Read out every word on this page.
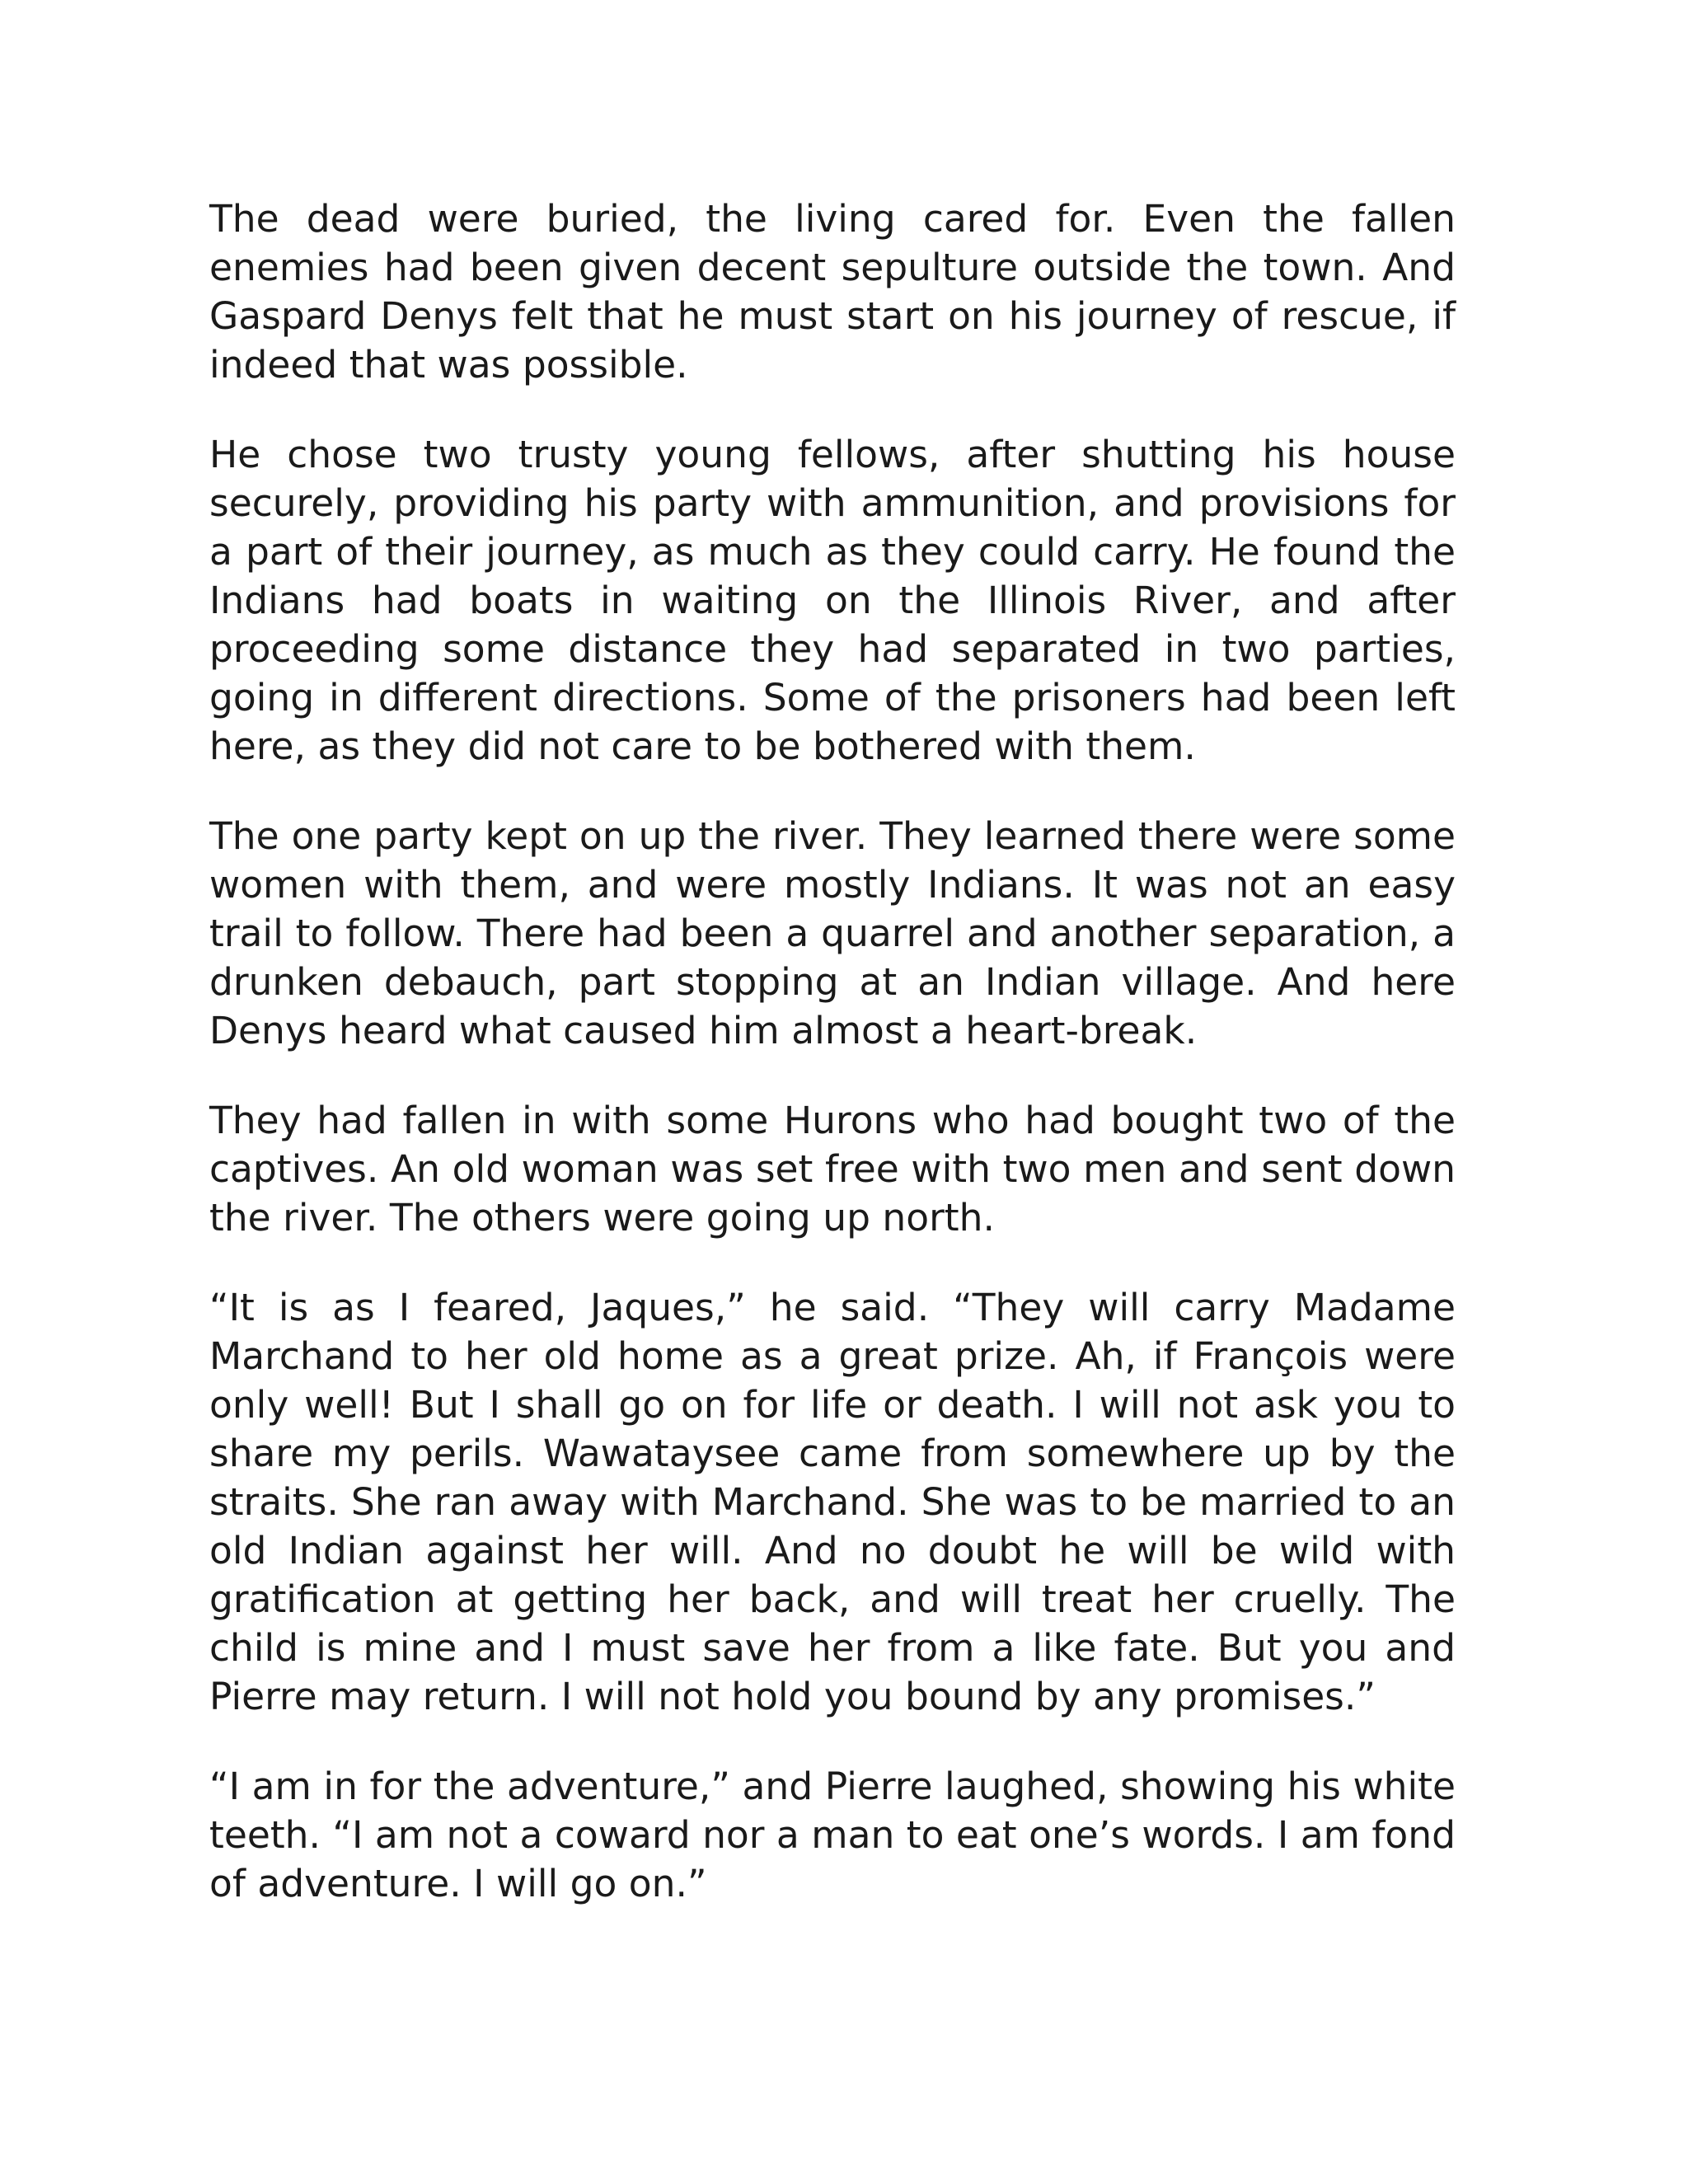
The dead were buried, the living cared for. Even the fallen enemies had been given decent sepulture outside the town. And Gaspard Denys felt that he must start on his journey of rescue, if indeed that was possible.

He chose two trusty young fellows, after shutting his house securely, providing his party with ammunition, and provisions for a part of their journey, as much as they could carry. He found the Indians had boats in waiting on the Illinois River, and after proceeding some distance they had separated in two parties, going in different directions. Some of the prisoners had been left here, as they did not care to be bothered with them.

The one party kept on up the river. They learned there were some women with them, and were mostly Indians. It was not an easy trail to follow. There had been a quarrel and another separation, a drunken debauch, part stopping at an Indian village. And here Denys heard what caused him almost a heart-break.

They had fallen in with some Hurons who had bought two of the captives. An old woman was set free with two men and sent down the river. The others were going up north.

“It is as I feared, Jaques,” he said. “They will carry Madame Marchand to her old home as a great prize. Ah, if François were only well! But I shall go on for life or death. I will not ask you to share my perils. Wawataysee came from somewhere up by the straits. She ran away with Marchand. She was to be married to an old Indian against her will. And no doubt he will be wild with gratification at getting her back, and will treat her cruelly. The child is mine and I must save her from a like fate. But you and Pierre may return. I will not hold you bound by any promises.”

“I am in for the adventure,” and Pierre laughed, showing his white teeth. “I am not a coward nor a man to eat one’s words. I am fond of adventure. I will go on.”
